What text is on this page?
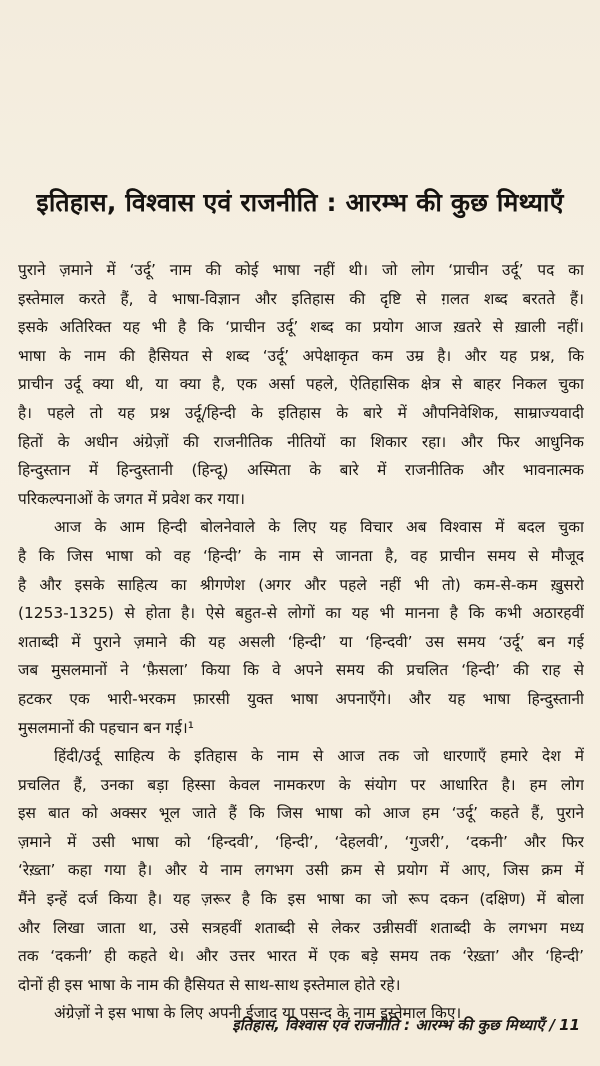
इतिहास, विश्वास एवं राजनीति : आरम्भ की कुछ मिथ्याएँ
पुराने ज़माने में ‘उर्दू’ नाम की कोई भाषा नहीं थी। जो लोग ‘प्राचीन उर्दू’ पद का
इस्तेमाल करते हैं, वे भाषा-विज्ञान और इतिहास की दृष्टि से ग़लत शब्द बरतते हैं।
इसके अतिरिक्त यह भी है कि ‘प्राचीन उर्दू’ शब्द का प्रयोग आज ख़तरे से ख़ाली नहीं।
भाषा के नाम की हैसियत से शब्द ‘उर्दू’ अपेक्षाकृत कम उम्र है। और यह प्रश्न, कि
प्राचीन उर्दू क्या थी, या क्या है, एक अर्सा पहले, ऐतिहासिक क्षेत्र से बाहर निकल चुका
है। पहले तो यह प्रश्न उर्दू/हिन्दी के इतिहास के बारे में औपनिवेशिक, साम्राज्यवादी
हितों के अधीन अंग्रेज़ों की राजनीतिक नीतियों का शिकार रहा। और फिर आधुनिक
हिन्दुस्तान में हिन्दुस्तानी (हिन्दू) अस्मिता के बारे में राजनीतिक और भावनात्मक
परिकल्पनाओं के जगत में प्रवेश कर गया।
आज के आम हिन्दी बोलनेवाले के लिए यह विचार अब विश्वास में बदल चुका
है कि जिस भाषा को वह ‘हिन्दी’ के नाम से जानता है, वह प्राचीन समय से मौजूद
है और इसके साहित्य का श्रीगणेश (अगर और पहले नहीं भी तो) कम-से-कम ख़ुसरो
(1253-1325) से होता है। ऐसे बहुत-से लोगों का यह भी मानना है कि कभी अठारहवीं
शताब्दी में पुराने ज़माने की यह असली ‘हिन्दी’ या ‘हिन्दवी’ उस समय ‘उर्दू’ बन गई
जब मुसलमानों ने ‘फ़ैसला’ किया कि वे अपने समय की प्रचलित ‘हिन्दी’ की राह से
हटकर एक भारी-भरकम फ़ारसी युक्त भाषा अपनाएँगे। और यह भाषा हिन्दुस्तानी
मुसलमानों की पहचान बन गई।¹
हिंदी/उर्दू साहित्य के इतिहास के नाम से आज तक जो धारणाएँ हमारे देश में
प्रचलित हैं, उनका बड़ा हिस्सा केवल नामकरण के संयोग पर आधारित है। हम लोग
इस बात को अक्सर भूल जाते हैं कि जिस भाषा को आज हम ‘उर्दू’ कहते हैं, पुराने
ज़माने में उसी भाषा को ‘हिन्दवी’, ‘हिन्दी’, ‘देहलवी’, ‘गुजरी’, ‘दकनी’ और फिर
‘रेख़्ता’ कहा गया है। और ये नाम लगभग उसी क्रम से प्रयोग में आए, जिस क्रम में
मैंने इन्हें दर्ज किया है। यह ज़रूर है कि इस भाषा का जो रूप दकन (दक्षिण) में बोला
और लिखा जाता था, उसे सत्रहवीं शताब्दी से लेकर उन्नीसवीं शताब्दी के लगभग मध्य
तक ‘दकनी’ ही कहते थे। और उत्तर भारत में एक बड़े समय तक ‘रेख़्ता’ और ‘हिन्दी’
दोनों ही इस भाषा के नाम की हैसियत से साथ-साथ इस्तेमाल होते रहे।
अंग्रेज़ों ने इस भाषा के लिए अपनी ईजाद या पसन्द के नाम इस्तेमाल किए।
इतिहास, विश्वास एवं राजनीति : आरम्भ की कुछ मिथ्याएँ / 11
